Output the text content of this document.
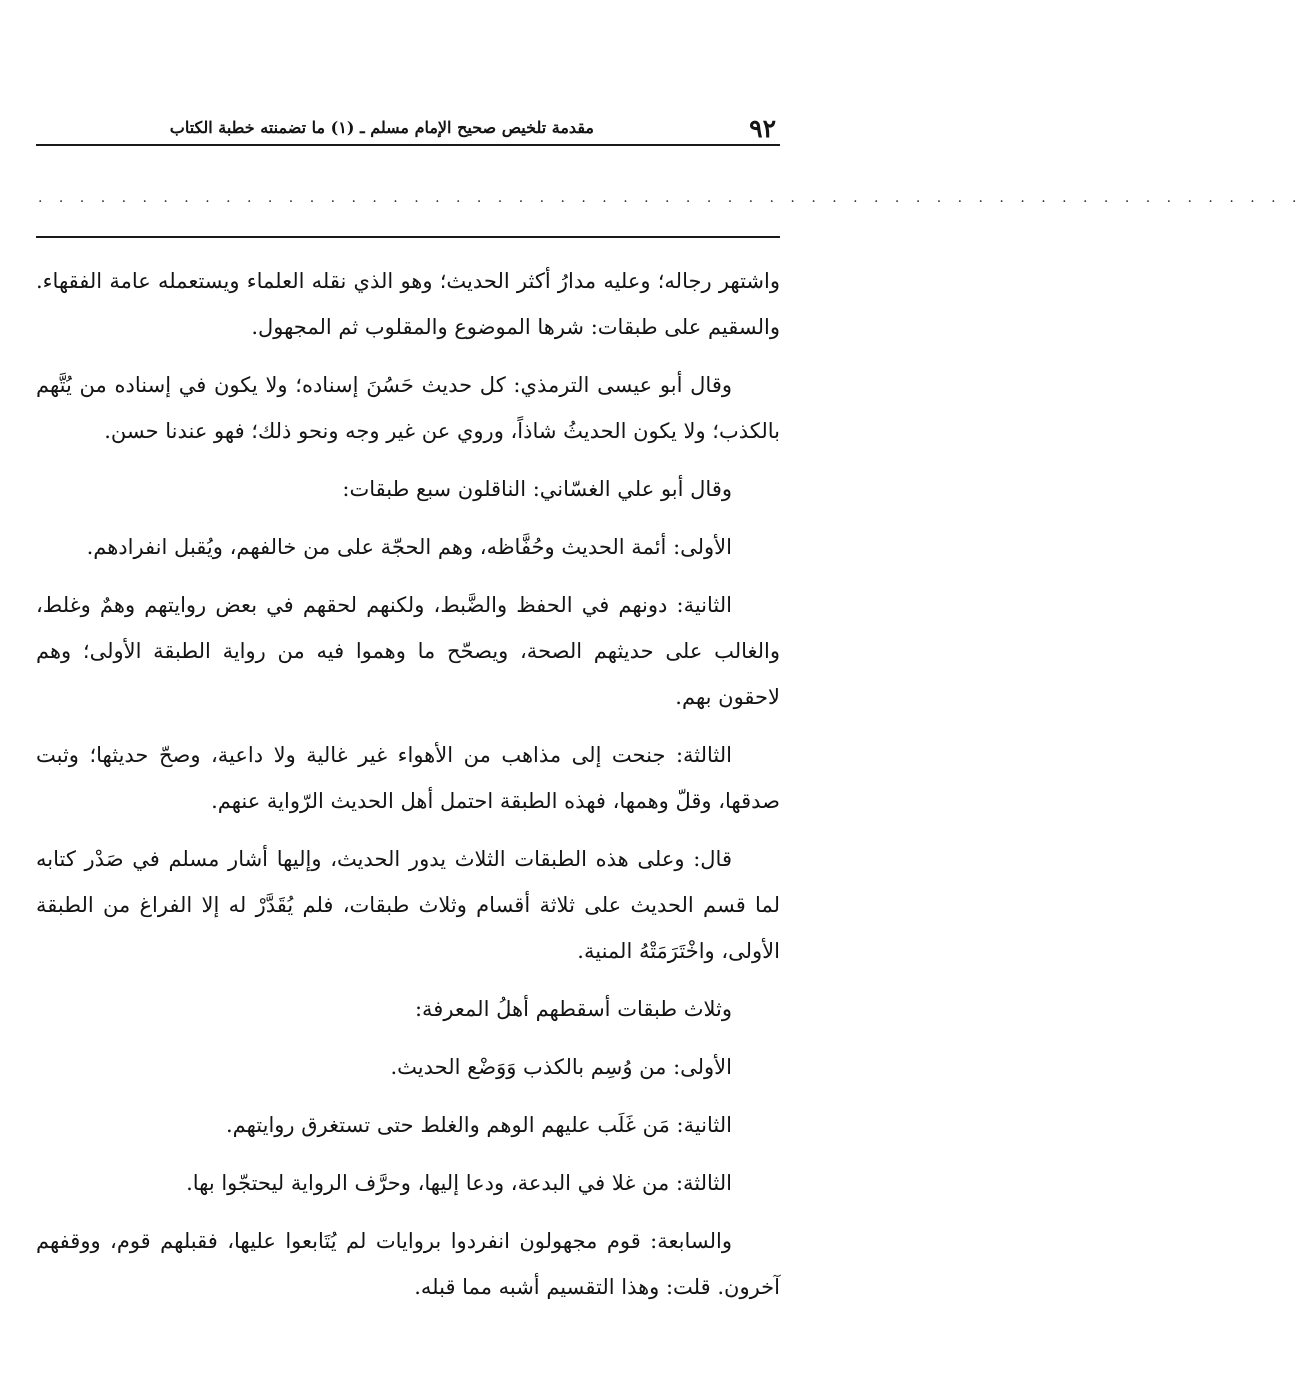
٩٢
مقدمة تلخيص صحيح الإمام مسلم ـ (١) ما تضمنته خطبة الكتاب
. . . . . . . . . . . . . . . . . . . . . . . . . . . . . . . . . . . . . . . . . . . . . . . . . . . . . . . . . . . . .

واشتهر رجاله؛ وعليه مدارُ أكثر الحديث؛ وهو الذي نقله العلماء ويستعمله عامة الفقهاء. والسقيم على طبقات: شرها الموضوع والمقلوب ثم المجهول.

وقال أبو عيسى الترمذي: كل حديث حَسُنَ إسناده؛ ولا يكون في إسناده من يُتَّهم بالكذب؛ ولا يكون الحديثُ شاذاً، وروي عن غير وجه ونحو ذلك؛ فهو عندنا حسن.

وقال أبو علي الغسّاني: الناقلون سبع طبقات:

الأولى: أئمة الحديث وحُفَّاظه، وهم الحجّة على من خالفهم، ويُقبل انفرادهم.

الثانية: دونهم في الحفظ والضَّبط، ولكنهم لحقهم في بعض روايتهم وهمٌ وغلط، والغالب على حديثهم الصحة، ويصحّح ما وهموا فيه من رواية الطبقة الأولى؛ وهم لاحقون بهم.

الثالثة: جنحت إلى مذاهب من الأهواء غير غالية ولا داعية، وصحّ حديثها؛ وثبت صدقها، وقلّ وهمها، فهذه الطبقة احتمل أهل الحديث الرّواية عنهم.

قال: وعلى هذه الطبقات الثلاث يدور الحديث، وإليها أشار مسلم في صَدْر كتابه لما قسم الحديث على ثلاثة أقسام وثلاث طبقات، فلم يُقَدَّرْ له إلا الفراغ من الطبقة الأولى، واخْتَرَمَتْهُ المنية.

وثلاث طبقات أسقطهم أهلُ المعرفة:

الأولى: من وُسِم بالكذب وَوَضْع الحديث.

الثانية: مَن غَلَب عليهم الوهم والغلط حتى تستغرق روايتهم.

الثالثة: من غلا في البدعة، ودعا إليها، وحرَّف الرواية ليحتجّوا بها.

والسابعة: قوم مجهولون انفردوا بروايات لم يُتَابعوا عليها، فقبلهم قوم، ووقفهم آخرون. قلت: وهذا التقسيم أشبه مما قبله.
